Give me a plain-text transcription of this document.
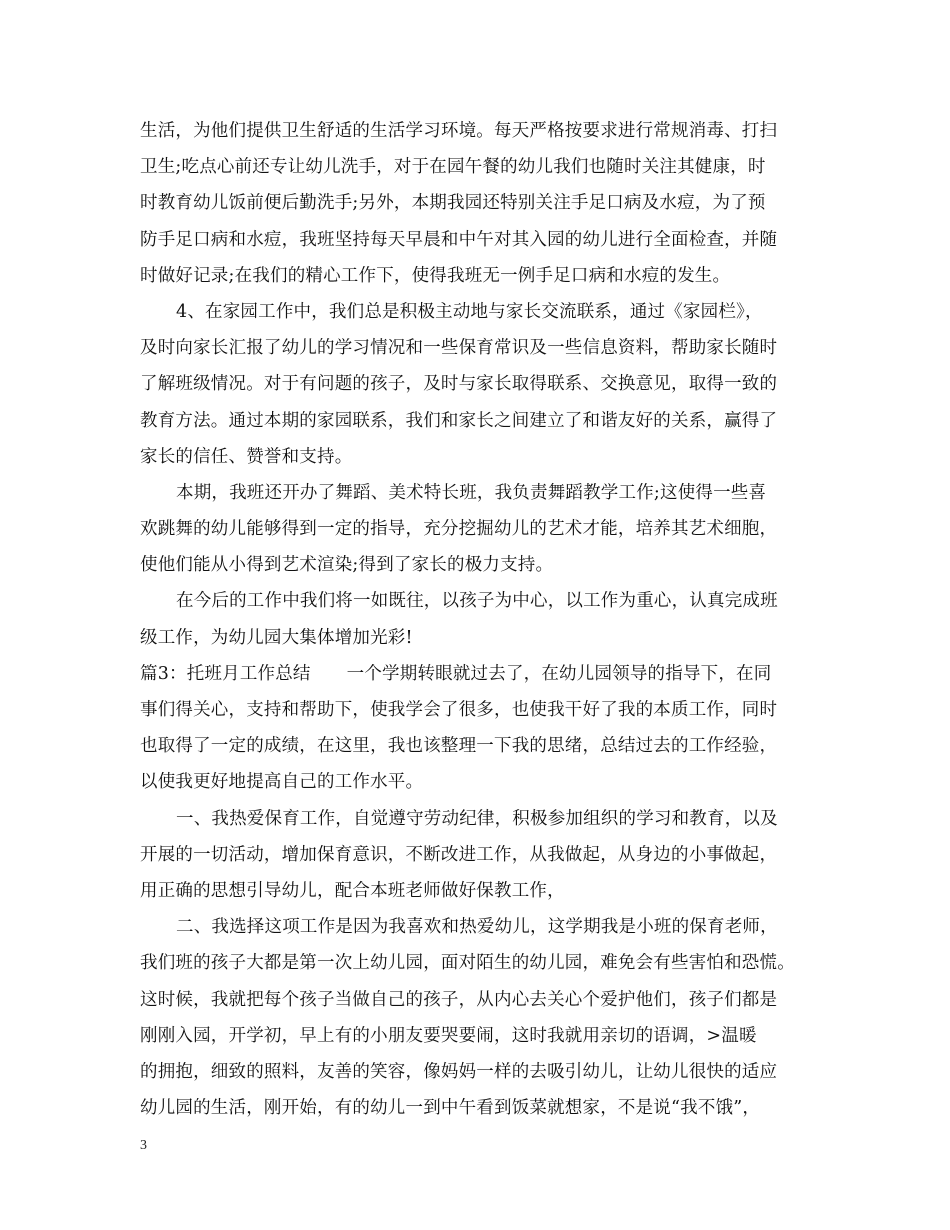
生活，为他们提供卫生舒适的生活学习环境。每天严格按要求进行常规消毒、打扫
卫生;吃点心前还专让幼儿洗手，对于在园午餐的幼儿我们也随时关注其健康，时
时教育幼儿饭前便后勤洗手;另外，本期我园还特别关注手足口病及水痘，为了预
防手足口病和水痘，我班坚持每天早晨和中午对其入园的幼儿进行全面检查，并随
时做好记录;在我们的精心工作下，使得我班无一例手足口病和水痘的发生。
4、在家园工作中，我们总是积极主动地与家长交流联系，通过《家园栏》，
及时向家长汇报了幼儿的学习情况和一些保育常识及一些信息资料，帮助家长随时
了解班级情况。对于有问题的孩子，及时与家长取得联系、交换意见，取得一致的
教育方法。通过本期的家园联系，我们和家长之间建立了和谐友好的关系，赢得了
家长的信任、赞誉和支持。
本期，我班还开办了舞蹈、美术特长班，我负责舞蹈教学工作;这使得一些喜
欢跳舞的幼儿能够得到一定的指导，充分挖掘幼儿的艺术才能，培养其艺术细胞，
使他们能从小得到艺术渲染;得到了家长的极力支持。
在今后的工作中我们将一如既往，以孩子为中心，以工作为重心，认真完成班
级工作，为幼儿园大集体增加光彩!
篇3：托班月工作总结 一个学期转眼就过去了，在幼儿园领导的指导下，在同
事们得关心，支持和帮助下，使我学会了很多，也使我干好了我的本质工作，同时
也取得了一定的成绩，在这里，我也该整理一下我的思绪，总结过去的工作经验，
以使我更好地提高自己的工作水平。
一、我热爱保育工作，自觉遵守劳动纪律，积极参加组织的学习和教育，以及
开展的一切活动，增加保育意识，不断改进工作，从我做起，从身边的小事做起，
用正确的思想引导幼儿，配合本班老师做好保教工作，
二、我选择这项工作是因为我喜欢和热爱幼儿，这学期我是小班的保育老师，
我们班的孩子大都是第一次上幼儿园，面对陌生的幼儿园，难免会有些害怕和恐慌。
这时候，我就把每个孩子当做自己的孩子，从内心去关心个爱护他们，孩子们都是
刚刚入园，开学初，早上有的小朋友要哭要闹，这时我就用亲切的语调，>温暖
的拥抱，细致的照料，友善的笑容，像妈妈一样的去吸引幼儿，让幼儿很快的适应
幼儿园的生活，刚开始，有的幼儿一到中午看到饭菜就想家，不是说“我不饿”，
3
